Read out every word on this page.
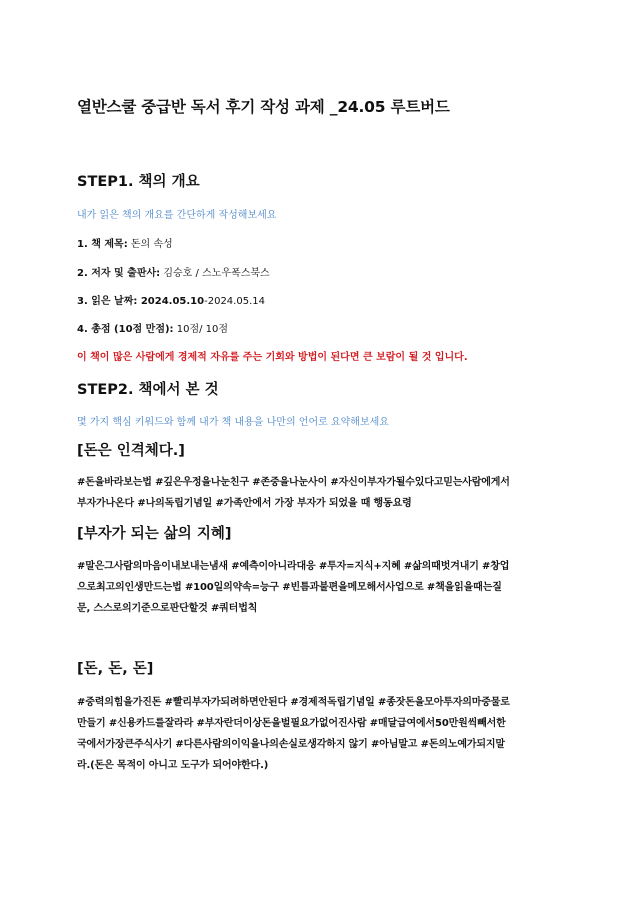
열반스쿨 중급반 독서 후기 작성 과제 _24.05 루트버드
STEP1. 책의 개요
내가 읽은 책의 개요를 간단하게 작성해보세요
1. 책 제목: 돈의 속성
2. 저자 및 출판사: 김승호 / 스노우폭스북스
3. 읽은 날짜: 2024.05.10-2024.05.14
4. 총점 (10점 만점): 10점/ 10점
이 책이 많은 사람에게 경제적 자유를 주는 기회와 방법이 된다면 큰 보람이 될 것 입니다.
STEP2. 책에서 본 것
몇 가지 핵심 키워드와 함께 내가 책 내용을 나만의 언어로 요약해보세요
[돈은 인격체다.]
#돈을바라보는법 #깊은우정을나눈친구 #존중을나눈사이 #자신이부자가될수있다고믿는사람에게서
부자가나온다 #나의독립기념일 #가족안에서 가장 부자가 되었을 때 행동요령
[부자가 되는 삶의 지혜]
#말은그사람의마음이내보내는냄새 #예측이아니라대응 #투자=지식+지혜 #삶의때벗겨내기 #창업
으로최고의인생만드는법 #100일의약속=능구 #빈틈과불편을메모해서사업으로 #책을읽을때는질
문, 스스로의기준으로판단할것 #쿼터법칙
[돈, 돈, 돈]
#중력의힘을가진돈 #빨리부자가되려하면안된다 #경제적독립기념일 #종잣돈을모아투자의마중물로
만들기 #신용카드를잘라라 #부자란더이상돈을벌필요가없어진사람 #매달급여에서50만원씩빼서한
국에서가장큰주식사기 #다른사람의이익을나의손실로생각하지 않기 #아님말고 #돈의노예가되지말
라.(돈은 목적이 아니고 도구가 되어야한다.)
